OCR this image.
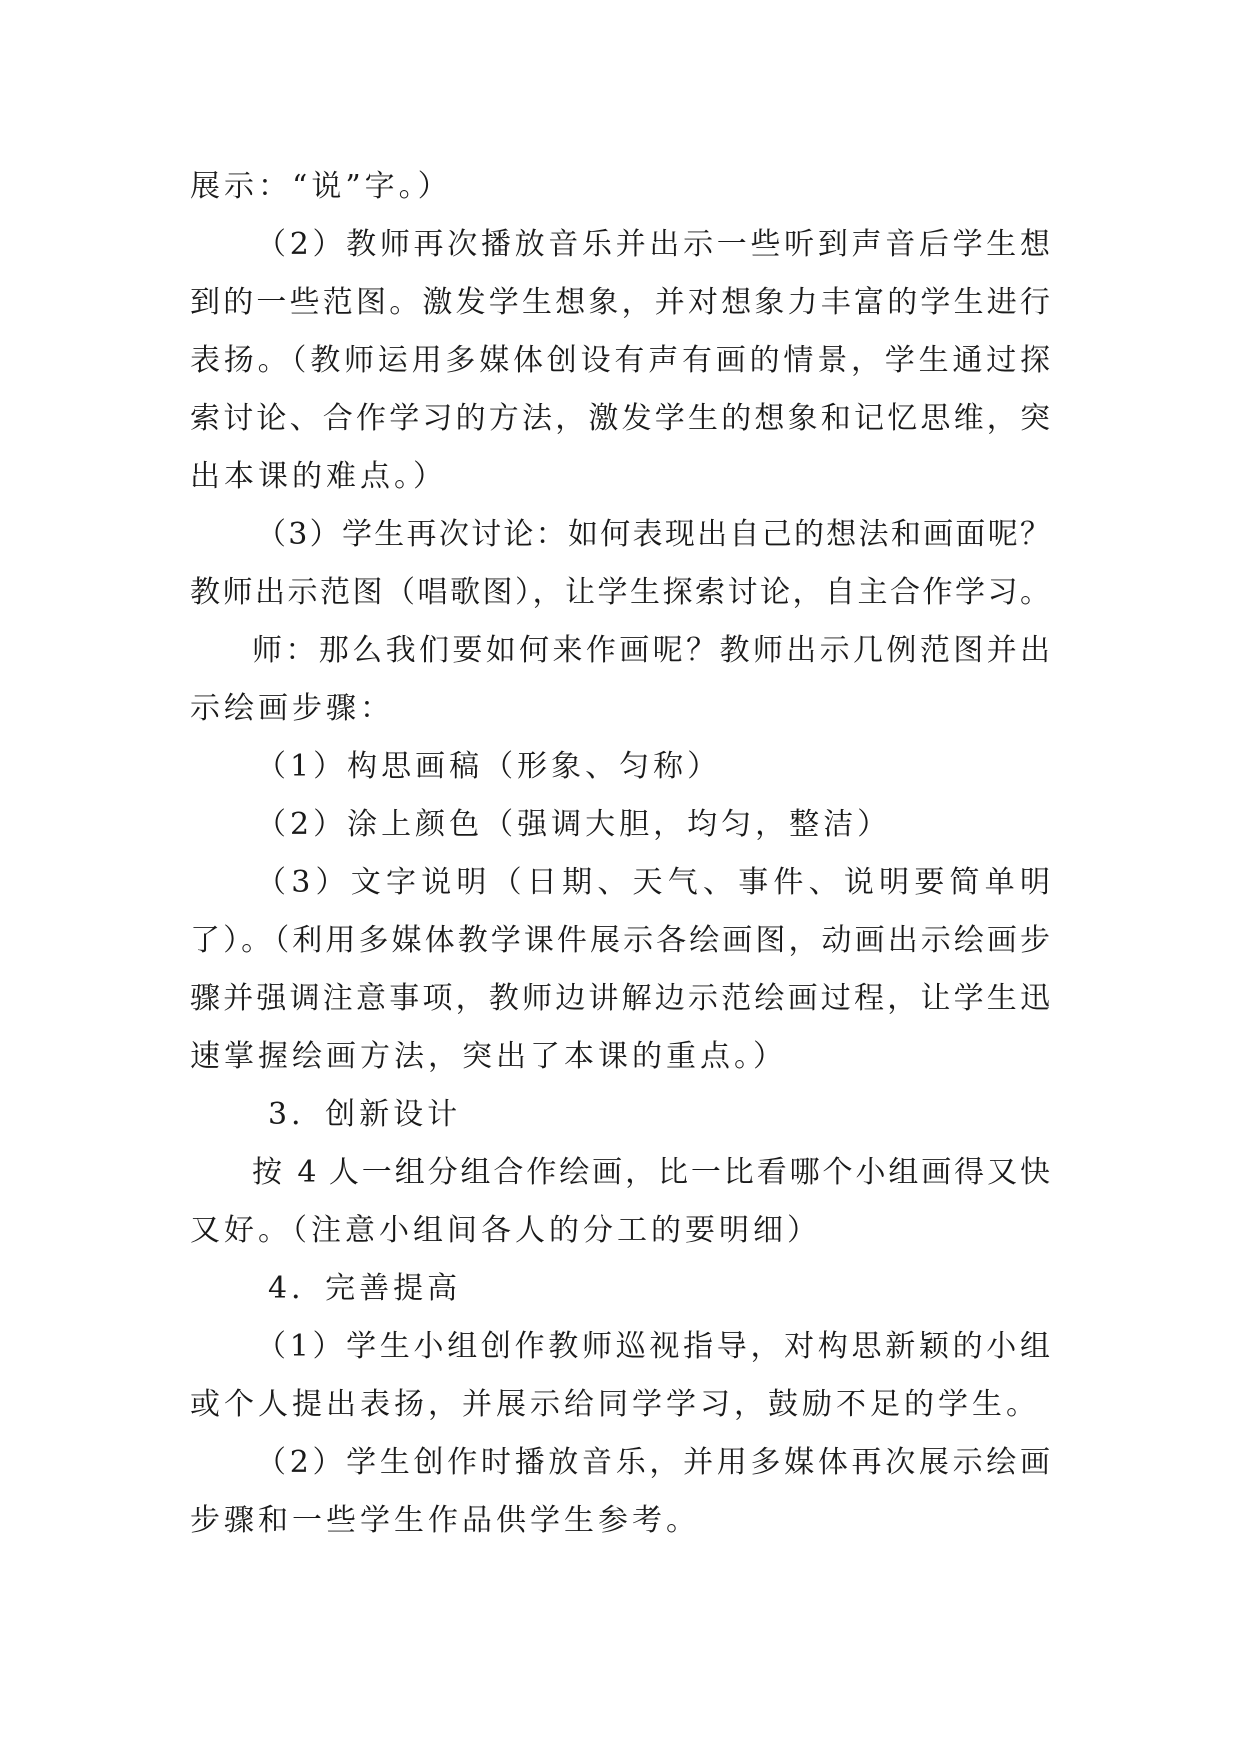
展示：“说”字。）
（2）教师再次播放音乐并出示一些听到声音后学生想
到的一些范图。激发学生想象，并对想象力丰富的学生进行
表扬。（教师运用多媒体创设有声有画的情景，学生通过探
索讨论、合作学习的方法，激发学生的想象和记忆思维，突
出本课的难点。）
（3）学生再次讨论：如何表现出自己的想法和画面呢？
教师出示范图（唱歌图），让学生探索讨论，自主合作学习。
师：那么我们要如何来作画呢？教师出示几例范图并出
示绘画步骤：
（1）构思画稿（形象、匀称）
（2）涂上颜色（强调大胆，均匀，整洁）
（3）文字说明（日期、天气、事件、说明要简单明
了）。（利用多媒体教学课件展示各绘画图，动画出示绘画步
骤并强调注意事项，教师边讲解边示范绘画过程，让学生迅
速掌握绘画方法，突出了本课的重点。）
3．创新设计
按 4 人一组分组合作绘画，比一比看哪个小组画得又快
又好。（注意小组间各人的分工的要明细）
4．完善提高
（1）学生小组创作教师巡视指导，对构思新颖的小组
或个人提出表扬，并展示给同学学习，鼓励不足的学生。
（2）学生创作时播放音乐，并用多媒体再次展示绘画
步骤和一些学生作品供学生参考。
